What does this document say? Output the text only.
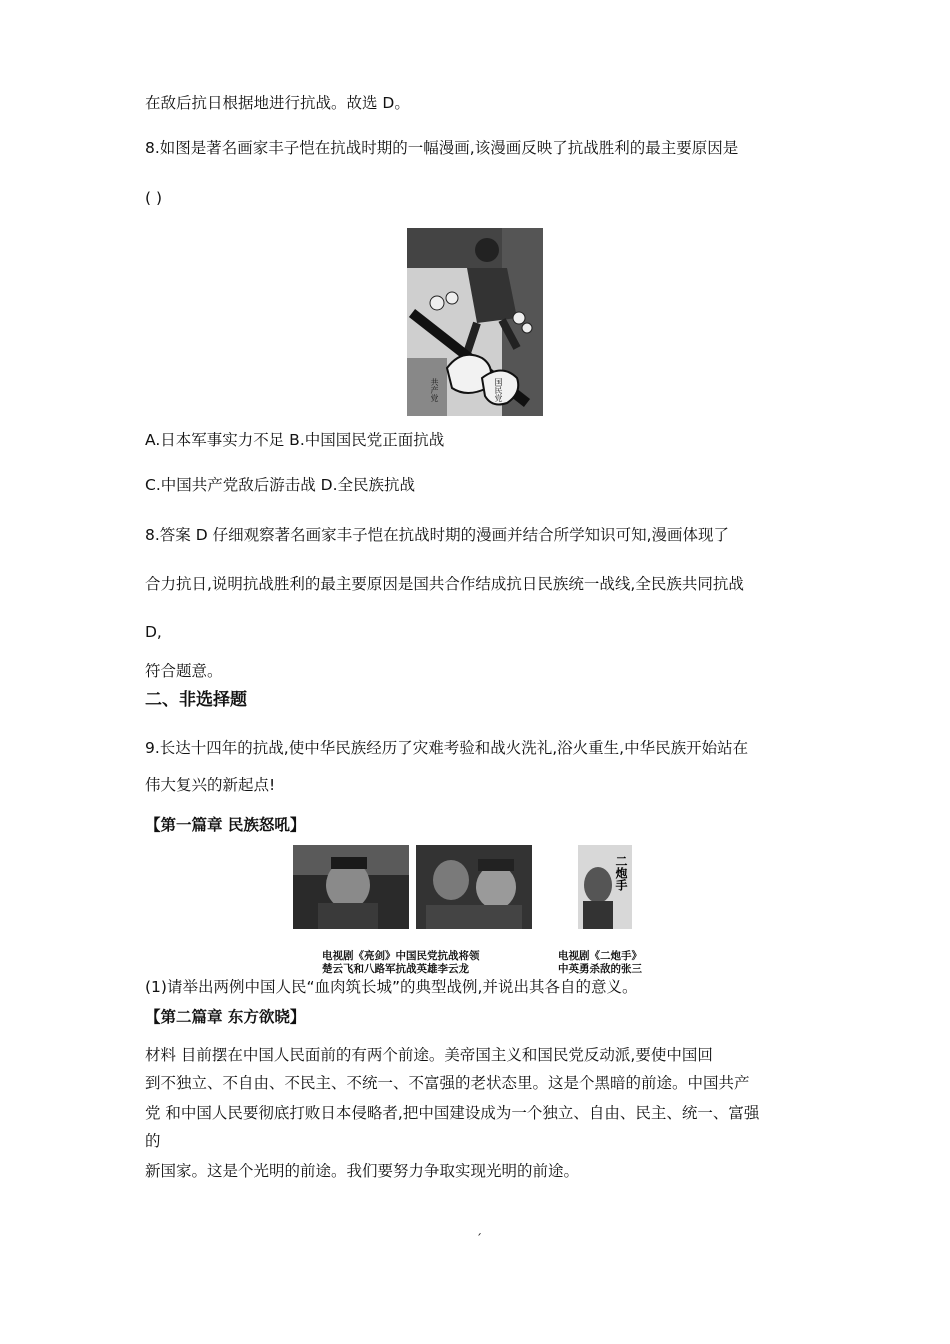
在敌后抗日根据地进行抗战。故选 D。

8.如图是著名画家丰子恺在抗战时期的一幅漫画,该漫画反映了抗战胜利的最主要原因是

( )

共产党	国民党

A.日本军事实力不足 B.中国国民党正面抗战

C.中国共产党敌后游击战 D.全民族抗战

8.答案 D 仔细观察著名画家丰子恺在抗战时期的漫画并结合所学知识可知,漫画体现了

合力抗日,说明抗战胜利的最主要原因是国共合作结成抗日民族统一战线,全民族共同抗战

D,

符合题意。

二、非选择题

9.长达十四年的抗战,使中华民族经历了灾难考验和战火洗礼,浴火重生,中华民族开始站在

伟大复兴的新起点!

【第一篇章 民族怒吼】

二炮手

电视剧《亮剑》中国民党抗战将领

楚云飞和八路军抗战英雄李云龙

电视剧《二炮手》

中英勇杀敌的张三

(1)请举出两例中国人民“血肉筑长城”的典型战例,并说出其各自的意义。

【第二篇章 东方欲晓】

材料 目前摆在中国人民面前的有两个前途。美帝国主义和国民党反动派,要使中国回

到不独立、不自由、不民主、不统一、不富强的老状态里。这是个黑暗的前途。中国共产

党 和中国人民要彻底打败日本侵略者,把中国建设成为一个独立、自由、民主、统一、富强

的

新国家。这是个光明的前途。我们要努力争取实现光明的前途。

ˊ
